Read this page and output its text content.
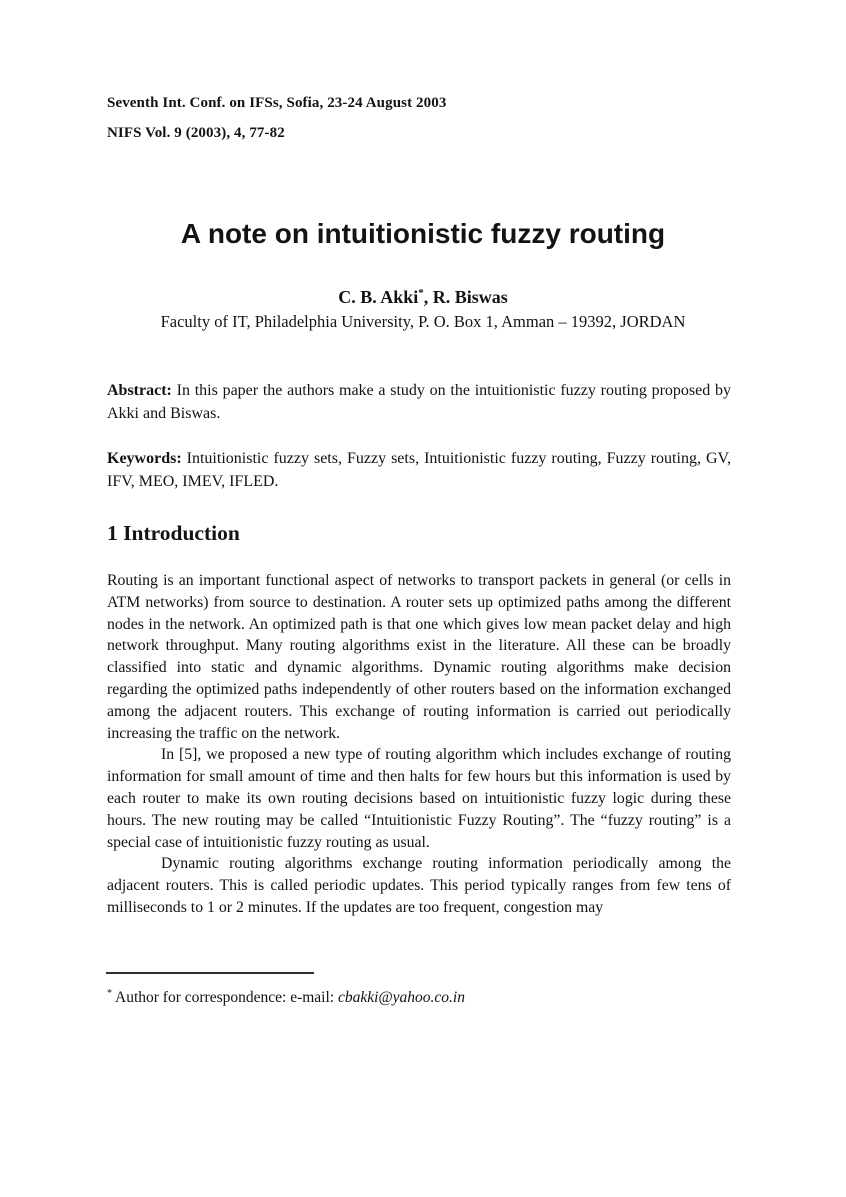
Seventh Int. Conf. on IFSs, Sofia, 23-24 August 2003
NIFS Vol. 9 (2003), 4, 77-82
A note on intuitionistic fuzzy routing
C. B. Akki*, R. Biswas
Faculty of IT, Philadelphia University, P. O. Box 1, Amman – 19392, JORDAN

Abstract: In this paper the authors make a study on the intuitionistic fuzzy routing proposed by Akki and Biswas.

Keywords: Intuitionistic fuzzy sets, Fuzzy sets, Intuitionistic fuzzy routing, Fuzzy routing, GV, IFV, MEO, IMEV, IFLED.

1 Introduction

Routing is an important functional aspect of networks to transport packets in general (or cells in ATM networks) from source to destination. A router sets up optimized paths among the different nodes in the network. An optimized path is that one which gives low mean packet delay and high network throughput. Many routing algorithms exist in the literature. All these can be broadly classified into static and dynamic algorithms. Dynamic routing algorithms make decision regarding the optimized paths independently of other routers based on the information exchanged among the adjacent routers. This exchange of routing information is carried out periodically increasing the traffic on the network.

In [5], we proposed a new type of routing algorithm which includes exchange of routing information for small amount of time and then halts for few hours but this information is used by each router to make its own routing decisions based on intuitionistic fuzzy logic during these hours. The new routing may be called “Intuitionistic Fuzzy Routing”. The “fuzzy routing” is a special case of intuitionistic fuzzy routing as usual.

Dynamic routing algorithms exchange routing information periodically among the adjacent routers. This is called periodic updates. This period typically ranges from few tens of milliseconds to 1 or 2 minutes. If the updates are too frequent, congestion may

* Author for correspondence: e-mail: cbakki@yahoo.co.in
